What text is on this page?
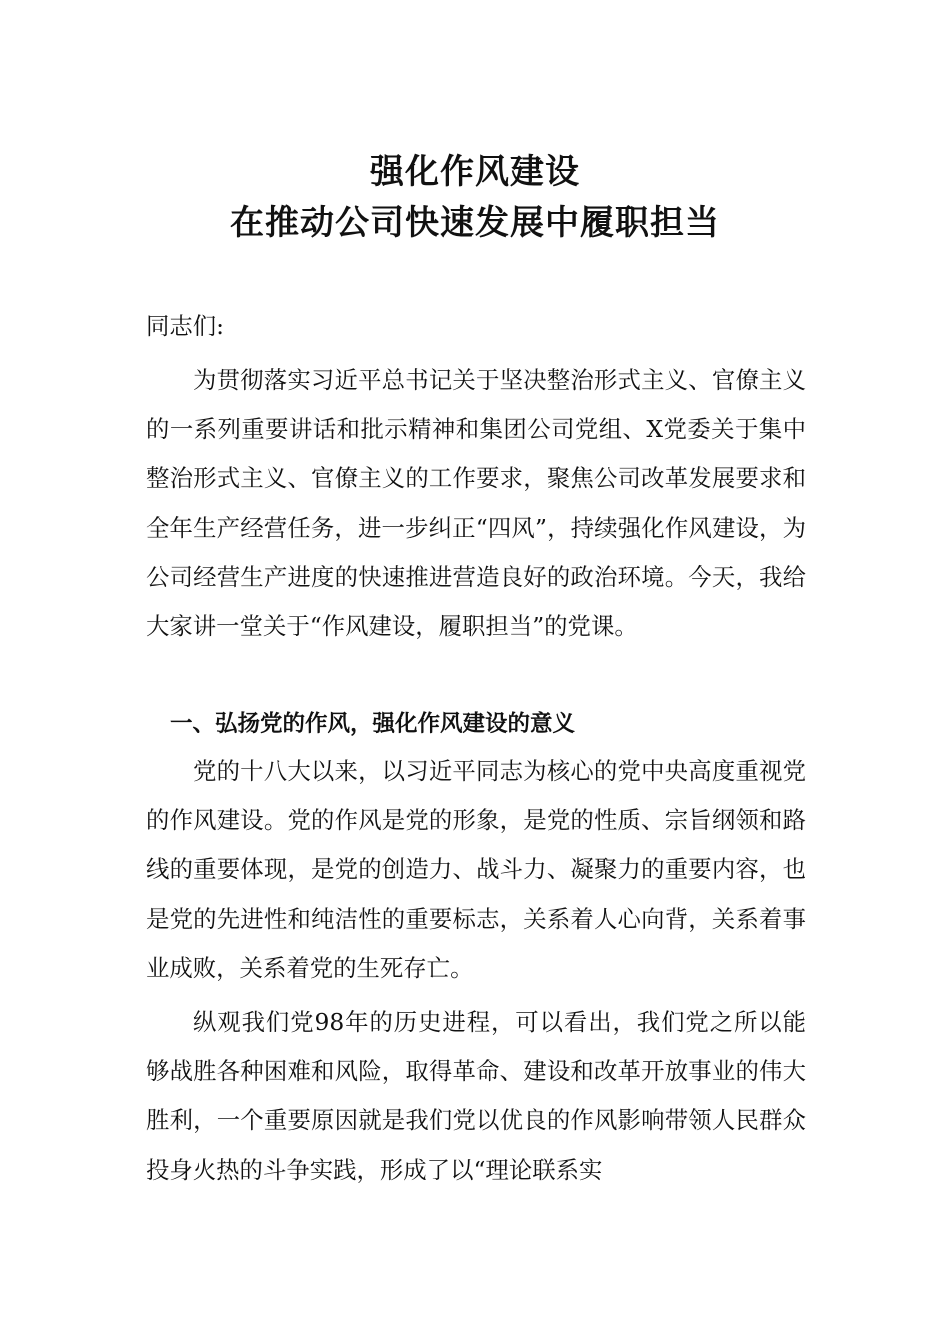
强化作风建设
在推动公司快速发展中履职担当
同志们:

为贯彻落实习近平总书记关于坚决整治形式主义、官僚主义的一系列重要讲话和批示精神和集团公司党组、X党委关于集中整治形式主义、官僚主义的工作要求，聚焦公司改革发展要求和全年生产经营任务，进一步纠正“四风”，持续强化作风建设，为公司经营生产进度的快速推进营造良好的政治环境。今天，我给大家讲一堂关于“作风建设，履职担当”的党课。

一、弘扬党的作风，强化作风建设的意义

党的十八大以来，以习近平同志为核心的党中央高度重视党的作风建设。党的作风是党的形象，是党的性质、宗旨纲领和路线的重要体现，是党的创造力、战斗力、凝聚力的重要内容，也是党的先进性和纯洁性的重要标志，关系着人心向背，关系着事业成败，关系着党的生死存亡。

纵观我们党98年的历史进程，可以看出，我们党之所以能够战胜各种困难和风险，取得革命、建设和改革开放事业的伟大胜利，一个重要原因就是我们党以优良的作风影响带领人民群众投身火热的斗争实践，形成了以“理论联系实
